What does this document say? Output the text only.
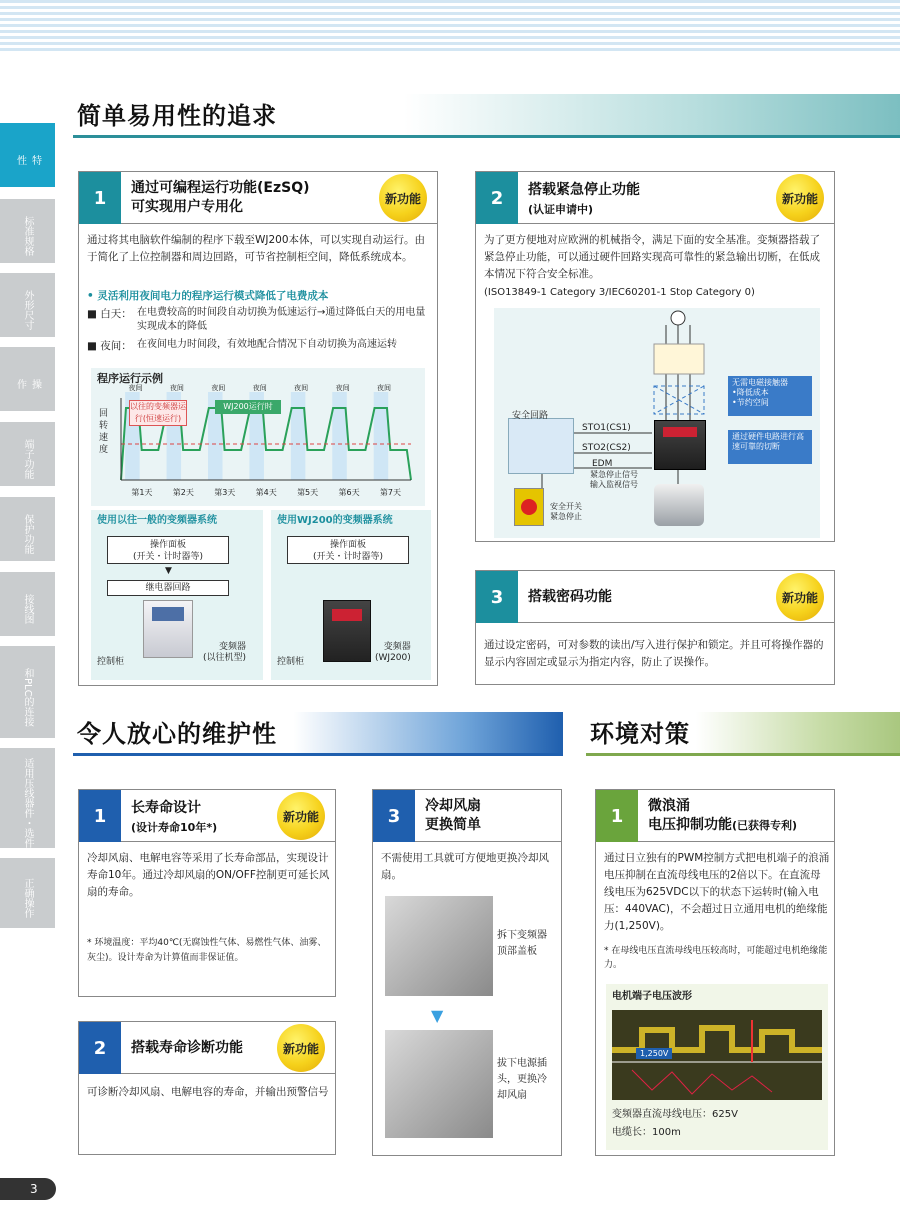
特
性
标准规格
外形尺寸
操
作
端子功能
保护功能
接线图
和PLC的连接
适用压线器件・选件
正确操作
简单易用性的追求
令人放心的维护性	环境对策
1	通过可编程运行功能(EzSQ)
可实现用户专用化
新功能
通过将其电脑软件编制的程序下载至WJ200本体，可以实现自动运行。由于简化了上位控制器和周边回路，可节省控制柜空间，降低系统成本。
• 灵活利用夜间电力的程序运行模式降低了电费成本
■ 白天： 在电费较高的时间段自动切换为低速运行→通过降低白天的用电量实现成本的降低
■ 夜间： 在夜间电力时间段，有效地配合情况下自动切换为高速运转
程序运行示例
回转速度
以往的变频器运行(恒速运行)
WJ200运行时
第1天	第2天	第3天	第4天	第5天	第6天	第7天
夜间	夜间	夜间	夜间	夜间	夜间	夜间
使用以往一般的变频器系统
操作面板
(开关・计时器等)
▼
继电器回路
控制柜
变频器
(以往机型)
使用WJ200的变频器系统
操作面板
(开关・计时器等)
控制柜
变频器
(WJ200)
2	搭载紧急停止功能
(认证申请中)
新功能
为了更方便地对应欧洲的机械指令，满足下面的安全基准。变频器搭载了紧急停止功能，可以通过硬件回路实现高可靠性的紧急输出切断，在低成本情况下符合安全标准。
(ISO13849-1 Category 3/IEC60201-1 Stop Category 0)
安全回路
STO1(CS1)
STO2(CS2)
EDM
紧急停止信号
输入监视信号
安全开关
紧急停止
无需电磁接触器
•降低成本
•节约空间
通过硬件电路进行高速可靠的切断
3	搭载密码功能	新功能
通过设定密码，可对参数的读出/写入进行保护和锁定。并且可将操作器的显示内容固定或显示为指定内容，防止了误操作。
1	长寿命设计
(设计寿命10年*)
新功能
冷却风扇、电解电容等采用了长寿命部品，实现设计寿命10年。通过冷却风扇的ON/OFF控制更可延长风扇的寿命。
* 环境温度：平均40℃(无腐蚀性气体、易燃性气体、油雾、灰尘)。设计寿命为计算值而非保证值。
2	搭载寿命诊断功能	新功能
可诊断冷却风扇、电解电容的寿命，并输出预警信号
3	冷却风扇
更换简单
不需使用工具就可方便地更换冷却风扇。
拆下变频器顶部盖板
▼
拔下电源插头，更换冷却风扇
1	微浪涌
电压抑制功能(已获得专利)
通过日立独有的PWM控制方式把电机端子的浪涌电压抑制在直流母线电压的2倍以下。在直流母线电压为625VDC以下的状态下运转时(输入电压：440VAC)，不会超过日立通用电机的绝缘能力(1,250V)。
* 在母线电压直流母线电压较高时，可能超过电机绝缘能力。
电机端子电压波形
1,250V
变频器直流母线电压：625V
电缆长：100m
3
